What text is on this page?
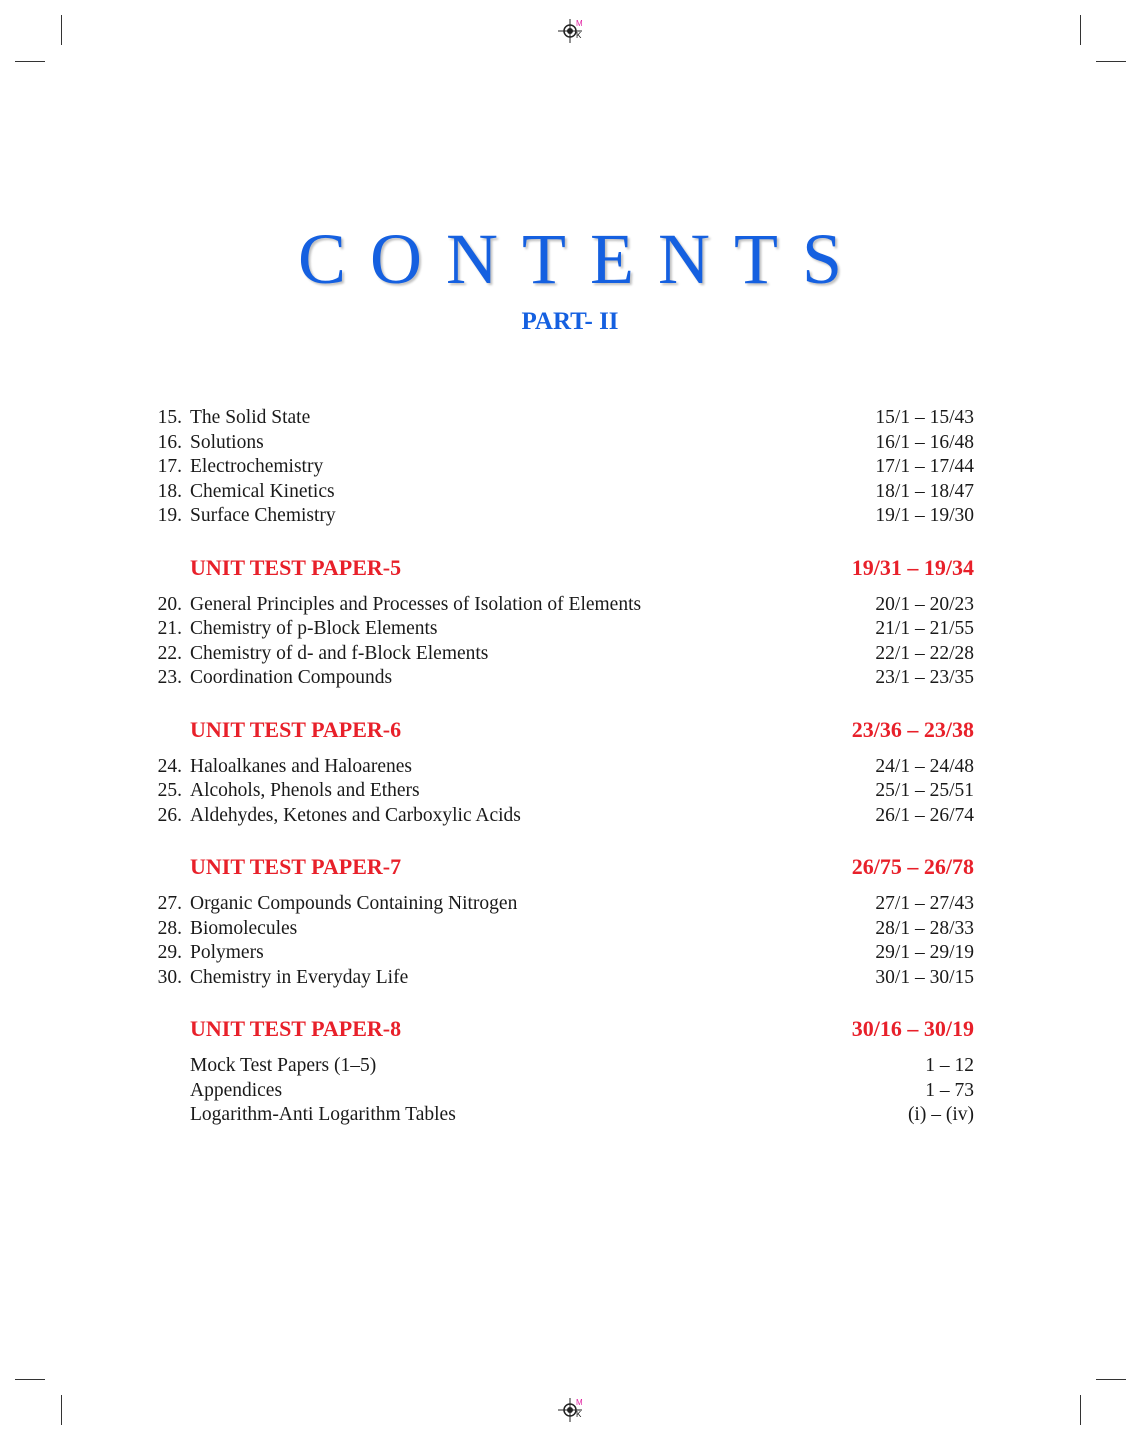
M
K
M
K
CONTENTS
PART- II
15. The Solid State	15/1 – 15/43
16. Solutions	16/1 – 16/48
17. Electrochemistry	17/1 – 17/44
18. Chemical Kinetics	18/1 – 18/47
19. Surface Chemistry	19/1 – 19/30
UNIT TEST PAPER-5	19/31 – 19/34
20. General Principles and Processes of Isolation of Elements	20/1 – 20/23
21. Chemistry of p-Block Elements	21/1 – 21/55
22. Chemistry of d- and f-Block Elements	22/1 – 22/28
23. Coordination Compounds	23/1 – 23/35
UNIT TEST PAPER-6	23/36 – 23/38
24. Haloalkanes and Haloarenes	24/1 – 24/48
25. Alcohols, Phenols and Ethers	25/1 – 25/51
26. Aldehydes, Ketones and Carboxylic Acids	26/1 – 26/74
UNIT TEST PAPER-7	26/75 – 26/78
27. Organic Compounds Containing Nitrogen	27/1 – 27/43
28. Biomolecules	28/1 – 28/33
29. Polymers	29/1 – 29/19
30. Chemistry in Everyday Life	30/1 – 30/15
UNIT TEST PAPER-8	30/16 – 30/19
Mock Test Papers (1–5)	1 – 12
Appendices	1 – 73
Logarithm-Anti Logarithm Tables	(i) – (iv)
